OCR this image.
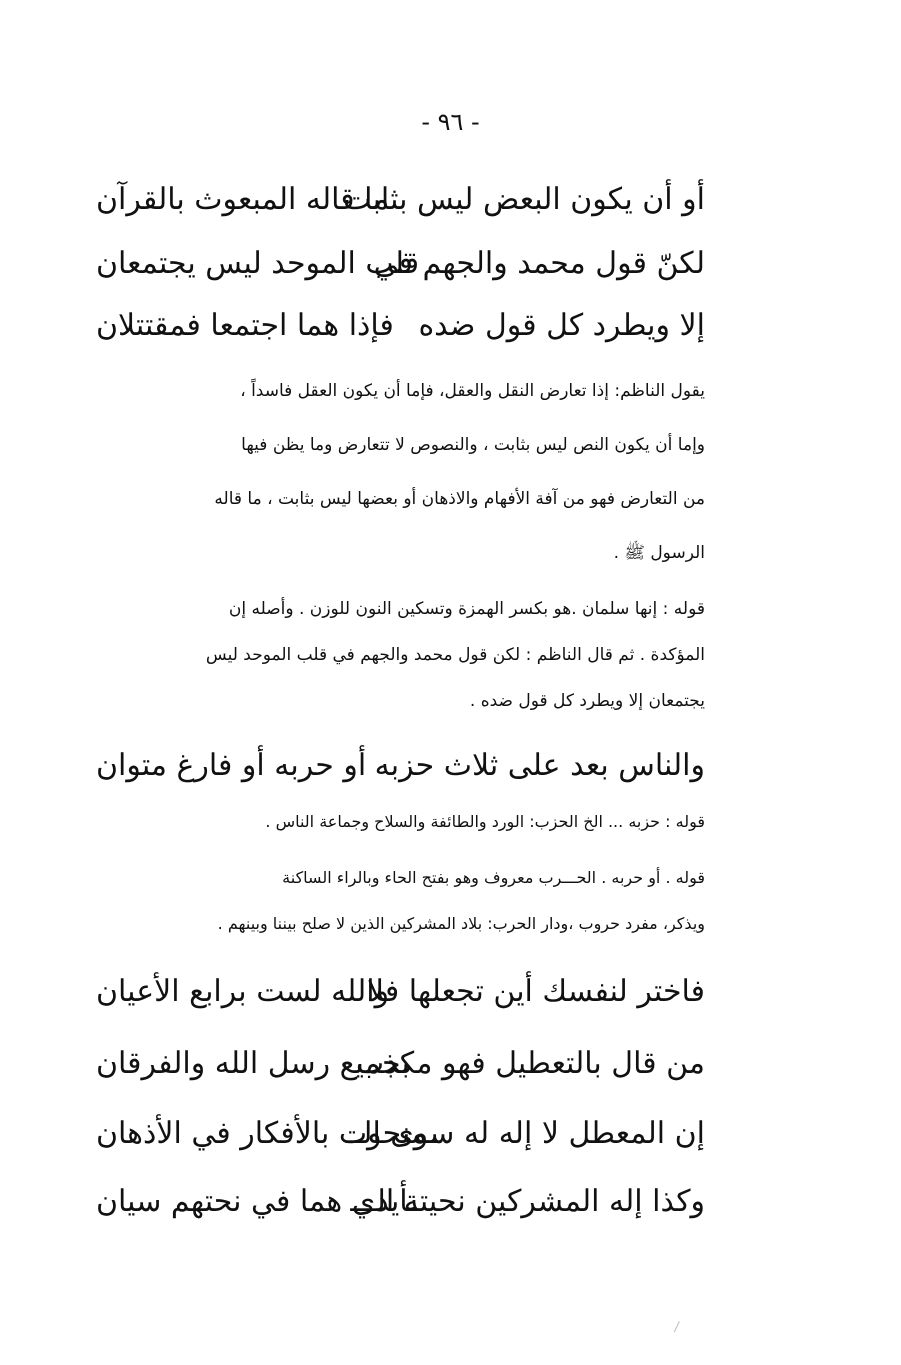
- ٩٦ -
أو أن يكون البعض ليس بثابت
ما قاله المبعوث بالقرآن
لكنّ قول محمد والجهم في
قلب الموحد ليس يجتمعان
إلا ويطرد كل قول ضده
فإذا هما اجتمعا فمقتتلان
يقول الناظم: إذا تعارض النقل والعقل، فإما أن يكون العقل فاسداً ،
وإما أن يكون النص ليس بثابت ، والنصوص لا تتعارض وما يظن فيها
من التعارض فهو من آفة الأفهام والاذهان أو بعضها ليس بثابت ، ما قاله
الرسول ﷺ .
قوله : إنها سلمان .هو بكسر الهمزة وتسكين النون للوزن . وأصله إن
المؤكدة . ثم قال الناظم : لكن قول محمد والجهم في قلب الموحد ليس
يجتمعان إلا ويطرد كل قول ضده .
والناس بعد على ثلاث حزبه
أو حربه أو فارغ متوان
قوله : حزبه ... الخ الحزب: الورد والطائفة والسلاح وجماعة الناس .
قوله . أو حربه . الحـــرب معروف وهو بفتح الحاء وبالراء الساكنة
ويذكر، مفرد حروب ،ودار الحرب: بلاد المشركين الذين لا صلح بيننا وبينهم .
فاختر لنفسك أين تجعلها فلا
والله لست برابع الأعيان
من قال بالتعطيل فهو مكذب
بجميع رسل الله والفرقان
إن المعطل لا إله له سوى الــ
ـمنحوت بالأفكار في الأذهان
وكذا إله المشركين نحيتة الـــ
ـأيدي هما في نحتهم سيان
